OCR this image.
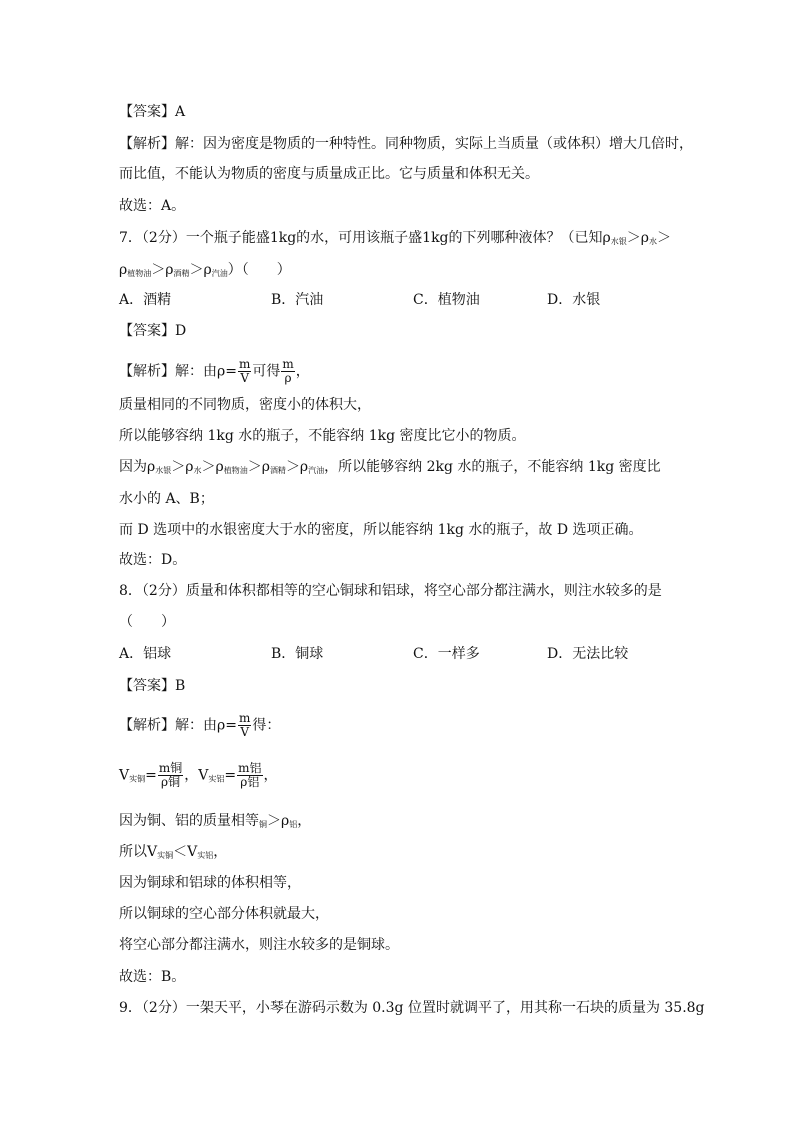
【答案】A
【解析】解：因为密度是物质的一种特性。同种物质，实际上当质量（或体积）增大几倍时，
而比值，不能认为物质的密度与质量成正比。它与质量和体积无关。
故选：A。
7．（2分）一个瓶子能盛1kg的水，可用该瓶子盛1kg的下列哪种液体？（已知$\rho_{水银}>\rho_水>$
$\rho_{植物油}>\rho_{酒精}>\rho_{汽油}$）（　　）
A．酒精	B．汽油	C．植物油	D．水银
【答案】D
【解析】解：由$\rho= \frac{m}{V}$ 可得 $\frac{m}{\rho}$ ，
质量相同的不同物质，密度小的体积大，
所以能够容纳 1kg 水的瓶子，不能容纳 1kg 密度比它小的物质。
因为$\rho_{水银}>\rho_水>\rho_{植物油}>\rho_{酒精}>\rho_{汽油}$，所以能够容纳 2kg 水的瓶子，不能容纳 1kg 密度比
水小的 A、B；
而 D 选项中的水银密度大于水的密度，所以能容纳 1kg 水的瓶子，故 D 选项正确。
故选：D。
8．（2分）质量和体积都相等的空心铜球和铝球，将空心部分都注满水，则注水较多的是
（　　）
A．铝球	B．铜球	C．一样多	D．无法比较
【答案】B
【解析】解：由$\rho= \frac{m}{V}$ 得：
$V_{实铜}= \frac{\text{m铜}}{\text{ρ铜}}$ ，$V_{实铝}= \frac{\text{m铝}}{\text{ρ铝}}$ ，
因为铜、铝的质量相等$_铜>\rho_铝$，
所以$V_{实铜}<V_{实铝}$，
因为铜球和铝球的体积相等，
所以铜球的空心部分体积就最大，
将空心部分都注满水，则注水较多的是铜球。
故选：B。
9．（2分）一架天平，小琴在游码示数为 0.3g 位置时就调平了，用其称一石块的质量为 35.8g
